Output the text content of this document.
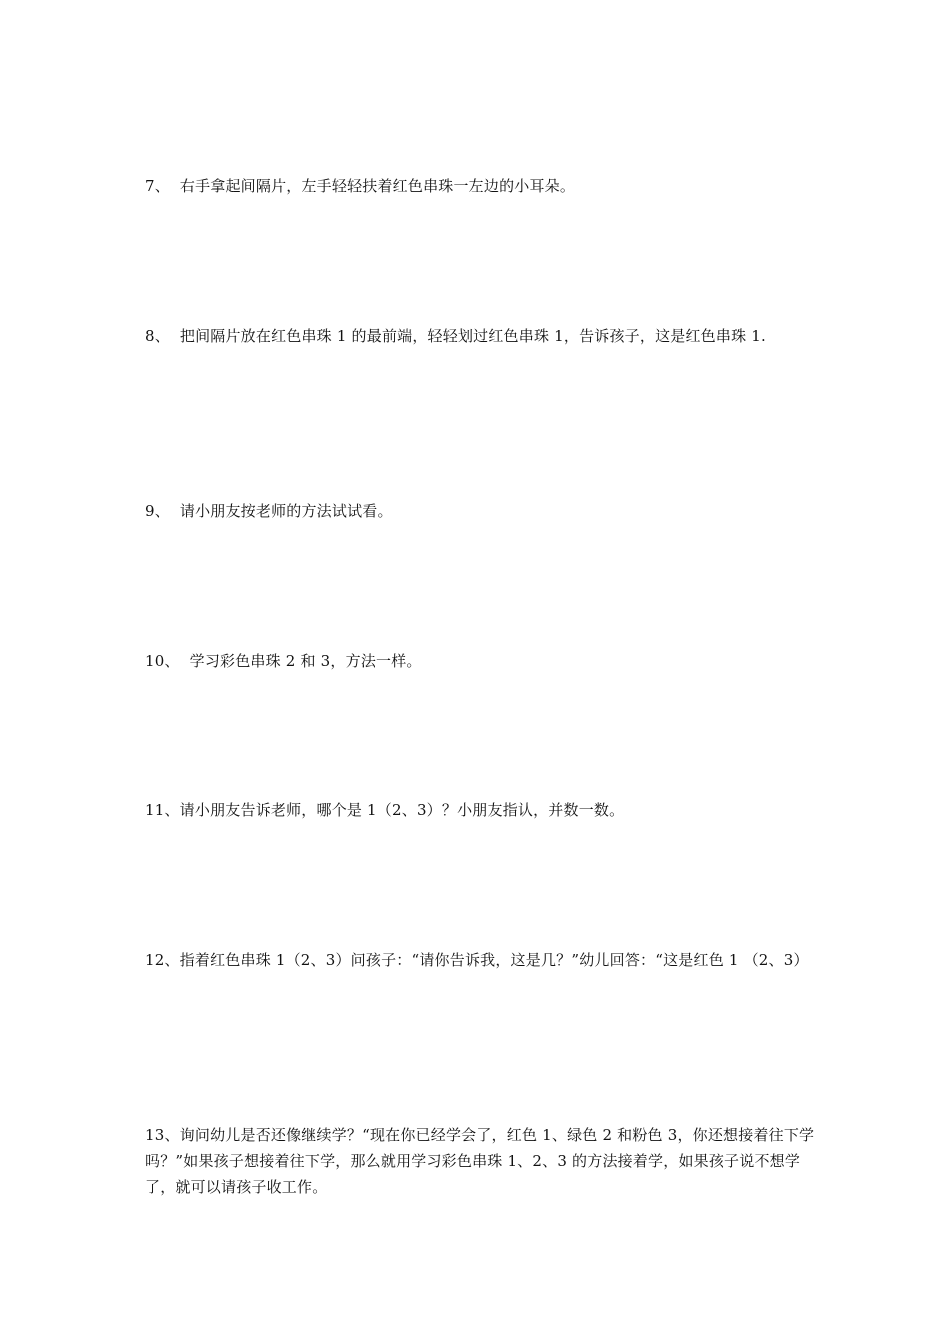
7、  右手拿起间隔片，左手轻轻扶着红色串珠一左边的小耳朵。

8、  把间隔片放在红色串珠 1 的最前端，轻轻划过红色串珠 1，告诉孩子，这是红色串珠 1.

9、  请小朋友按老师的方法试试看。

10、  学习彩色串珠 2 和 3，方法一样。

11、请小朋友告诉老师，哪个是 1（2、3）？小朋友指认，并数一数。

12、指着红色串珠 1（2、3）问孩子：“请你告诉我，这是几？”幼儿回答：“这是红色 1 （2、3）

13、询问幼儿是否还像继续学？“现在你已经学会了，红色 1、绿色 2 和粉色 3，你还想接着往下学吗？”如果孩子想接着往下学，那么就用学习彩色串珠 1、2、3 的方法接着学，如果孩子说不想学了，就可以请孩子收工作。
